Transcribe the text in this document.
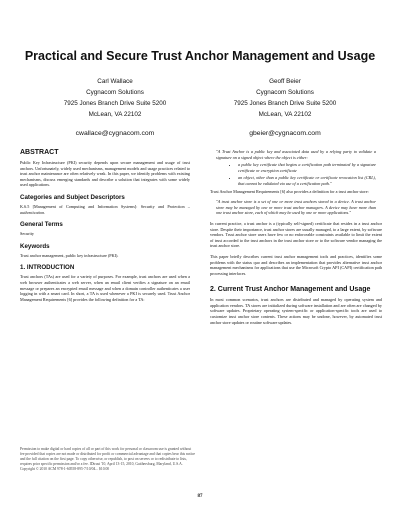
Practical and Secure Trust Anchor Management and Usage
Carl Wallace
Cygnacom Solutions
7925 Jones Branch Drive Suite 5200
McLean, VA 22102
cwallace@cygnacom.com
Geoff Beier
Cygnacom Solutions
7925 Jones Branch Drive Suite 5200
McLean, VA 22102
gbeier@cygnacom.com
ABSTRACT

Public Key Infrastructure (PKI) security depends upon secure management and usage of trust anchors. Unfortunately, widely used mechanisms, management models and usage practices related to trust anchor maintenance are often relatively weak. In this paper, we identify problems with existing mechanisms, discuss emerging standards and describe a solution that integrates with some widely used applications.

Categories and Subject Descriptors

K.6.5 [Management of Computing and Information Systems]: Security and Protection – authentication.

General Terms

Security

Keywords

Trust anchor management, public key infrastructure (PKI).

1. INTRODUCTION

Trust anchors (TAs) are used for a variety of purposes. For example, trust anchors are used when a web browser authenticates a web server, when an email client verifies a signature on an email message or prepares an encrypted email message and when a domain controller authenticates a user logging in with a smart card. In short, a TA is used whenever a PKI is securely used. Trust Anchor Management Requirements [6] provides the following definition for a TA:

Permission to make digital or hard copies of all or part of this work for personal or classroom use is granted without fee provided that copies are not made or distributed for profit or commercial advantage and that copies bear this notice and the full citation on the first page. To copy otherwise, or republish, to post on servers or to redistribute to lists, requires prior specific permission and/or a fee. IDtrust '10, April 13-15, 2010, Gaithersburg, Maryland, U.S.A. Copyright © 2010 ACM 978-1-60558-895-7/10/04... $10.00
"A Trust Anchor is a public key and associated data used by a relying party to validate a signature on a signed object where the object is either:
• a public key certificate that begins a certification path terminated by a signature certificate or encryption certificate
• an object, other than a public key certificate or certificate revocation list (CRL), that cannot be validated via use of a certification path."

Trust Anchor Management Requirements [6] also provides a definition for a trust anchor store:

"A trust anchor store is a set of one or more trust anchors stored in a device. A trust anchor store may be managed by one or more trust anchor managers. A device may have more than one trust anchor store, each of which may be used by one or more applications."

In current practice, a trust anchor is a (typically self-signed) certificate that resides in a trust anchor store. Despite their importance, trust anchor stores are usually managed, to a large extent, by software vendors. Trust anchor store users have few or no enforceable constraints available to limit the extent of trust accorded to the trust anchors in the trust anchor store or to the software vendor managing the trust anchor store.

This paper briefly describes current trust anchor management tools and practices, identifies some problems with the status quo and describes an implementation that provides alternative trust anchor management mechanisms for applications that use the Microsoft Crypto API (CAPI) certification path processing interfaces.

2. Current Trust Anchor Management and Usage

In most common scenarios, trust anchors are distributed and managed by operating system and application vendors. TA stores are initialized during software installation and are often are changed by software updates. Proprietary operating system-specific or application-specific tools are used to customize trust anchor store contents. These actions may be undone, however, by automated trust anchor store updates or routine software updates.

87
